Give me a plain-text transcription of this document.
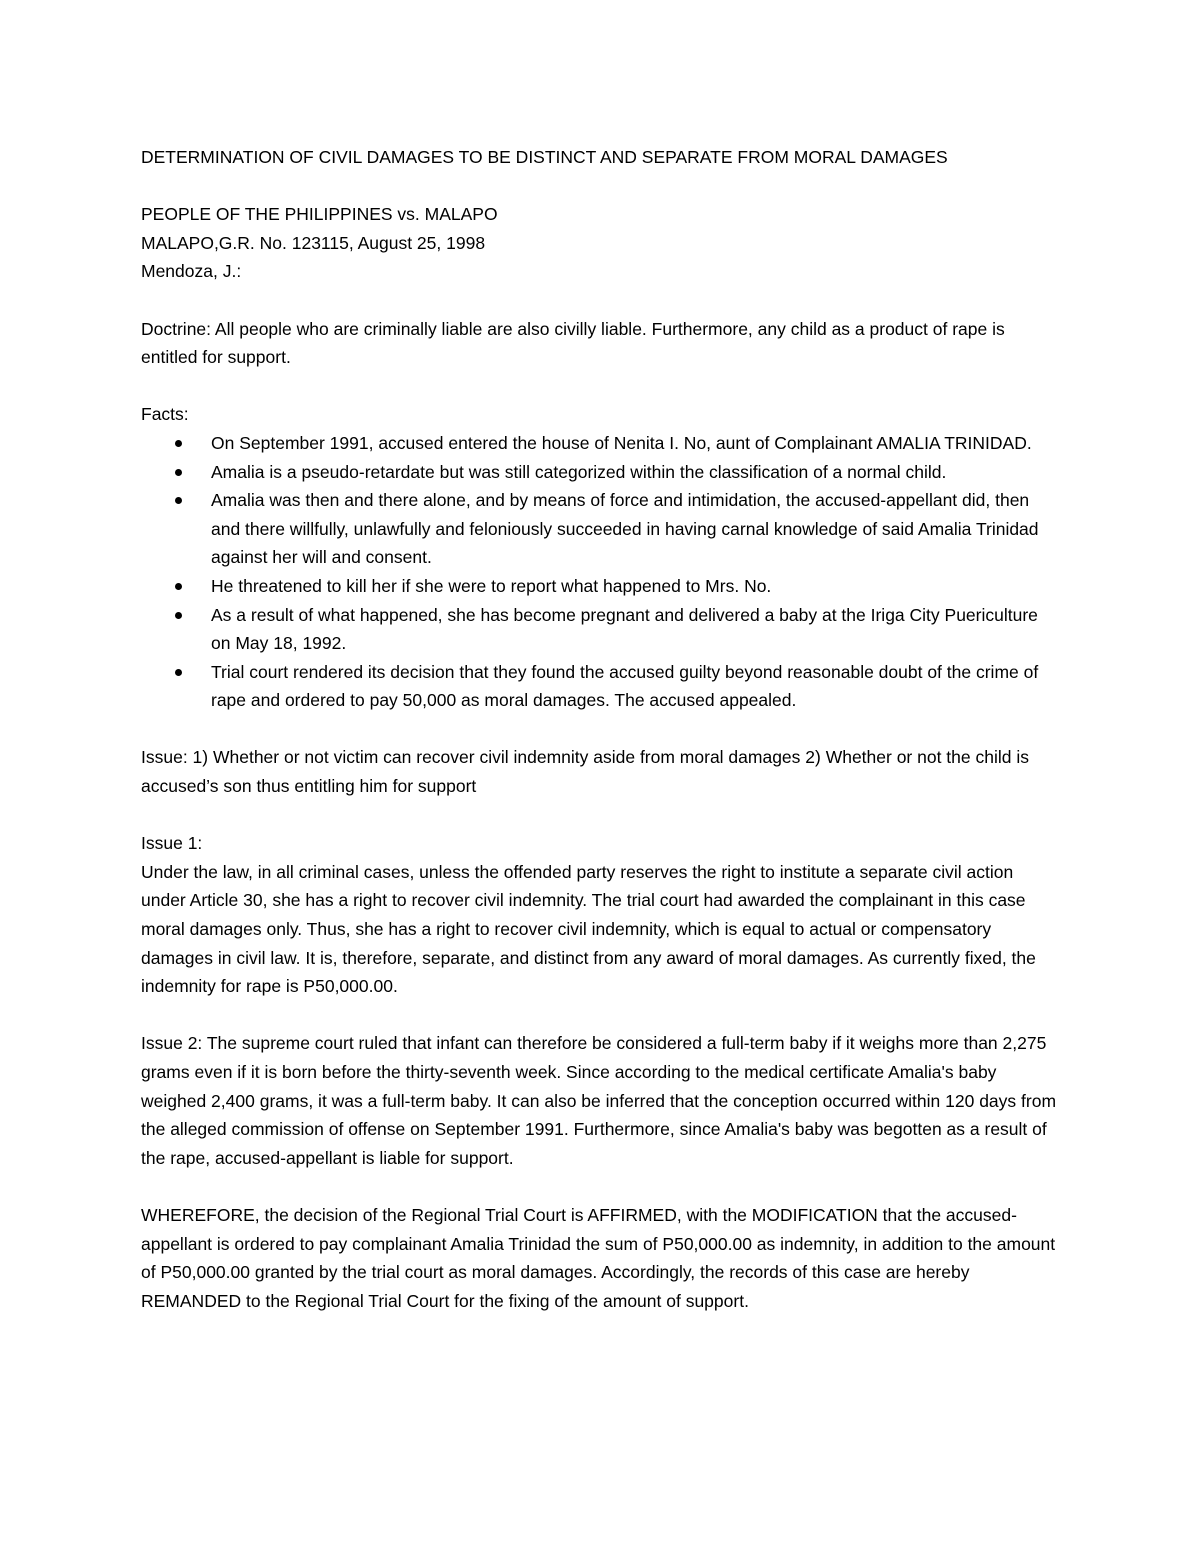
DETERMINATION OF CIVIL DAMAGES TO BE DISTINCT AND SEPARATE FROM MORAL DAMAGES

PEOPLE OF THE PHILIPPINES vs. MALAPO

MALAPO,G.R. No. 123115, August 25, 1998

Mendoza, J.:

Doctrine: All people who are criminally liable are also civilly liable. Furthermore, any child as a product of rape is entitled for support.

Facts:

On September 1991, accused entered the house of Nenita I. No, aunt of Complainant AMALIA TRINIDAD.
Amalia is a pseudo-retardate but was still categorized within the classification of a normal child.
Amalia was then and there alone, and by means of force and intimidation, the accused-appellant did, then and there willfully, unlawfully and feloniously succeeded in having carnal knowledge of said Amalia Trinidad against her will and consent.
He threatened to kill her if she were to report what happened to Mrs. No.
As a result of what happened, she has become pregnant and delivered a baby at the Iriga City Puericulture on May 18, 1992.
Trial court rendered its decision that they found the accused guilty beyond reasonable doubt of the crime of rape and ordered to pay 50,000 as moral damages. The accused appealed.

Issue: 1) Whether or not victim can recover civil indemnity aside from moral damages 2) Whether or not the child is accused’s son thus entitling him for support

Issue 1:

Under the law, in all criminal cases, unless the offended party reserves the right to institute a separate civil action under Article 30, she has a right to recover civil indemnity. The trial court had awarded the complainant in this case moral damages only. Thus, she has a right to recover civil indemnity, which is equal to actual or compensatory damages in civil law. It is, therefore, separate, and distinct from any award of moral damages. As currently fixed, the indemnity for rape is P50,000.00.

Issue 2: The supreme court ruled that infant can therefore be considered a full-term baby if it weighs more than 2,275 grams even if it is born before the thirty-seventh week. Since according to the medical certificate Amalia's baby weighed 2,400 grams, it was a full-term baby. It can also be inferred that the conception occurred within 120 days from the alleged commission of offense on September 1991. Furthermore, since Amalia's baby was begotten as a result of the rape, accused-appellant is liable for support.

WHEREFORE, the decision of the Regional Trial Court is AFFIRMED, with the MODIFICATION that the accused-appellant is ordered to pay complainant Amalia Trinidad the sum of P50,000.00 as indemnity, in addition to the amount of P50,000.00 granted by the trial court as moral damages. Accordingly, the records of this case are hereby REMANDED to the Regional Trial Court for the fixing of the amount of support.
